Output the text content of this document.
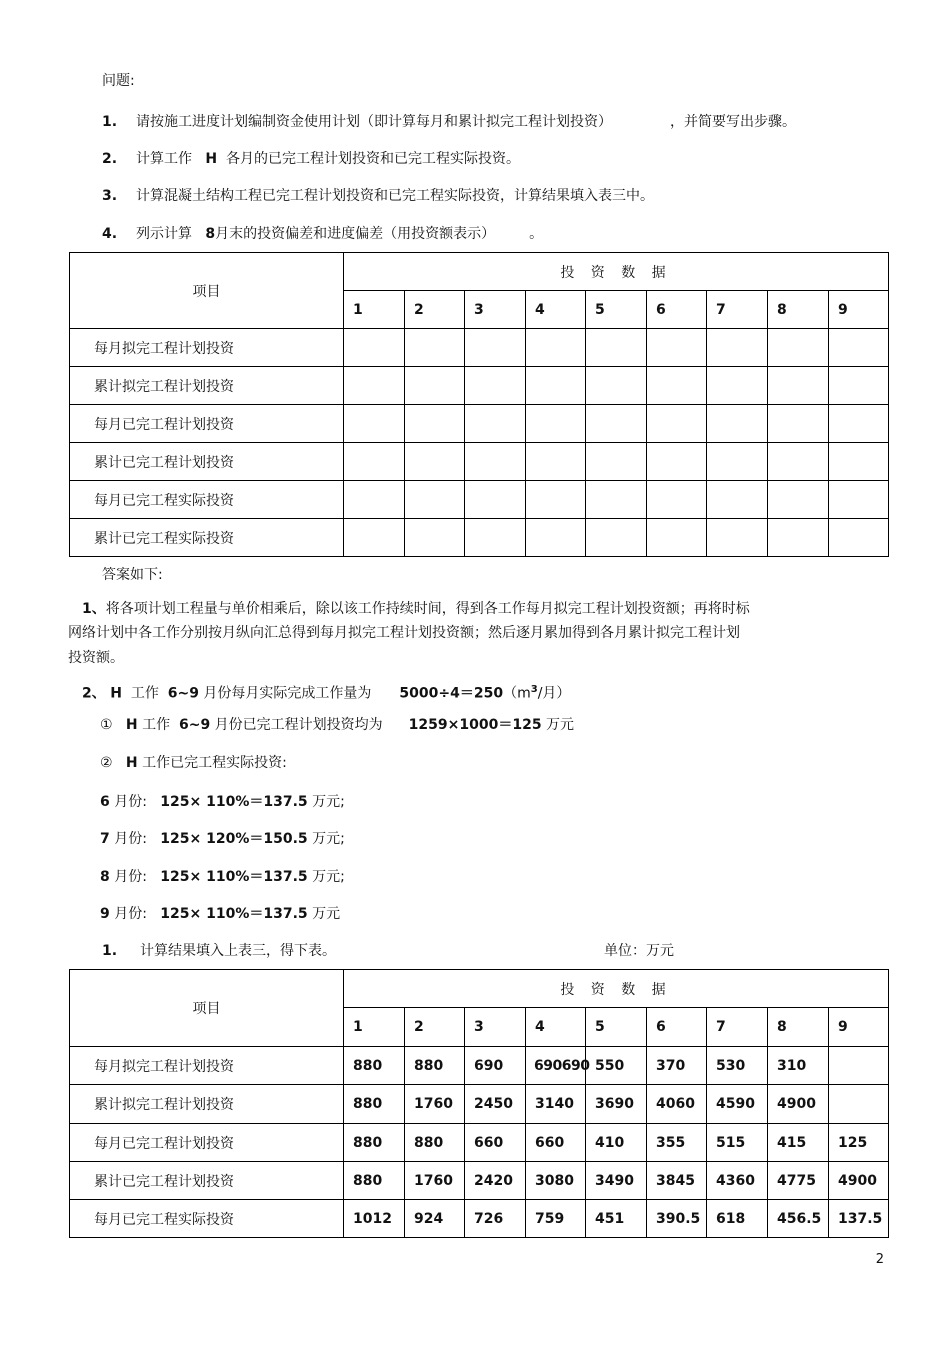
问题:
1. 请按施工进度计划编制资金使用计划（即计算每月和累计拟完工程计划投资）	，并简要写出步骤。
2. 计算工作 H 各月的已完工程计划投资和已完工程实际投资。
3. 计算混凝土结构工程已完工程计划投资和已完工程实际投资，计算结果填入表三中。
4. 列示计算 8月末的投资偏差和进度偏差（用投资额表示） 。
项目	投 资 数 据								
	1	2	3	4	5	6	7	8	9
每月拟完工程计划投资									
累计拟完工程计划投资									
每月已完工程计划投资									
累计已完工程计划投资									
每月已完工程实际投资									
累计已完工程实际投资									
答案如下:
1、将各项计划工程量与单价相乘后，除以该工作持续时间，得到各工作每月拟完工程计划投资额；再将时标
网络计划中各工作分别按月纵向汇总得到每月拟完工程计划投资额；然后逐月累加得到各月累计拟完工程计划
投资额。
2、 H 工作 6~9 月份每月实际完成工作量为 $5000\div 4=250(m^3/$月）
① H 工作 6~9 月份已完工程计划投资均为 1259×1000＝125 万元
② H 工作已完工程实际投资:
6 月份: 125× 110%＝137.5 万元;
7 月份: 125× 120%＝150.5 万元;
8 月份: 125× 110%＝137.5 万元;
9 月份: 125× 110%＝137.5 万元
1. 计算结果填入上表三，得下表。	单位：万元
项目	投 资 数 据								
	1	2	3	4	5	6	7	8	9
每月拟完工程计划投资	880	880	690	690690	550	370	530	310	
累计拟完工程计划投资	880	1760	2450	3140	3690	4060	4590	4900	
每月已完工程计划投资	880	880	660	660	410	355	515	415	125
累计已完工程计划投资	880	1760	2420	3080	3490	3845	4360	4775	4900
每月已完工程实际投资	1012	924	726	759	451	390.5	618	456.5	137.5
2
